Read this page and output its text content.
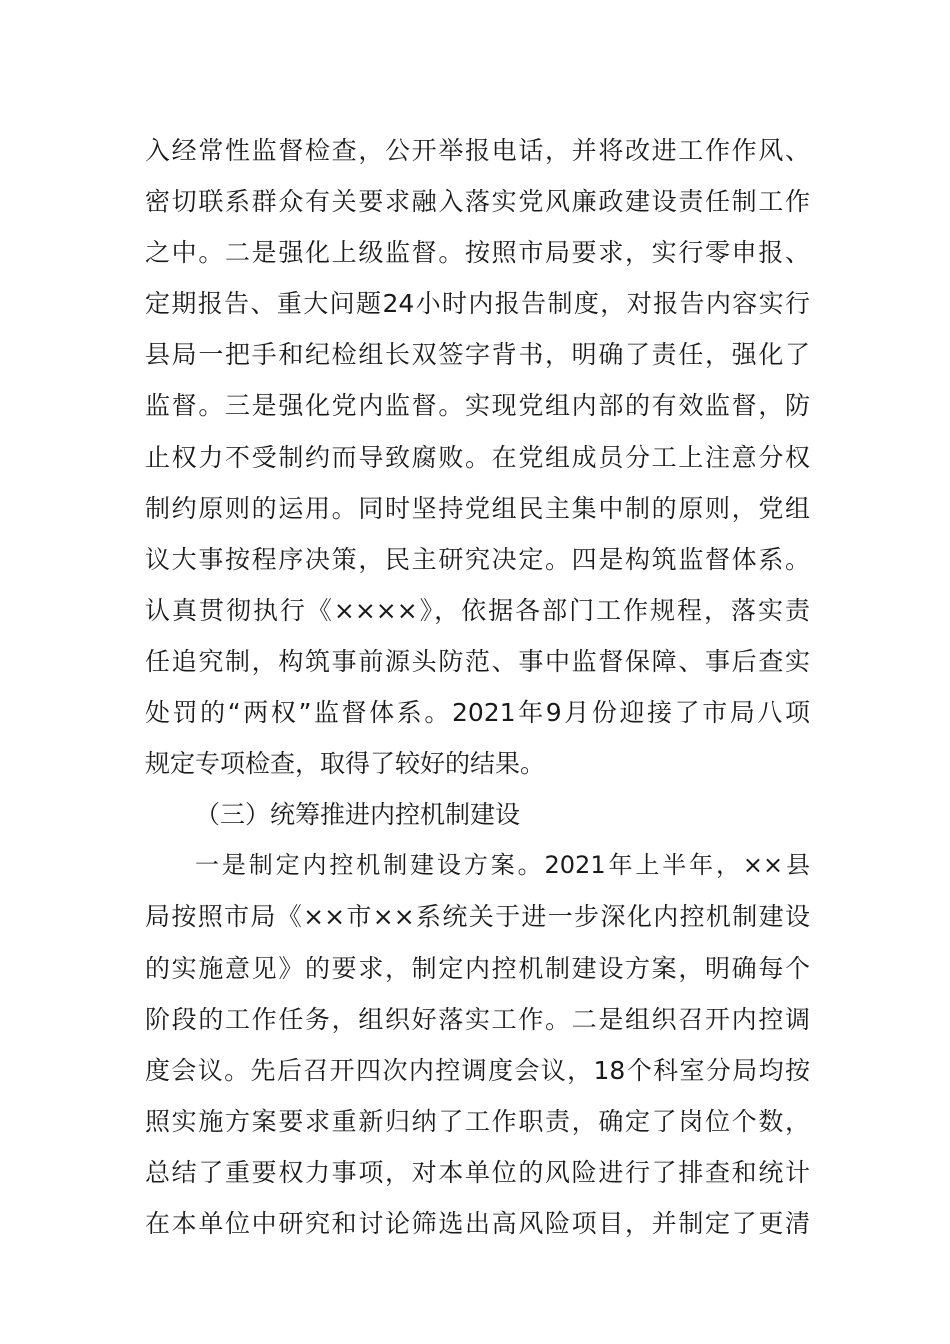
入经常性监督检查，公开举报电话，并将改进工作作风、
密切联系群众有关要求融入落实党风廉政建设责任制工作
之中。二是强化上级监督。按照市局要求，实行零申报、
定期报告、重大问题24小时内报告制度，对报告内容实行
县局一把手和纪检组长双签字背书，明确了责任，强化了
监督。三是强化党内监督。实现党组内部的有效监督，防
止权力不受制约而导致腐败。在党组成员分工上注意分权
制约原则的运用。同时坚持党组民主集中制的原则，党组
议大事按程序决策，民主研究决定。四是构筑监督体系。
认真贯彻执行《××××》，依据各部门工作规程，落实责
任追究制，构筑事前源头防范、事中监督保障、事后查实
处罚的“两权”监督体系。2021年9月份迎接了市局八项
规定专项检查，取得了较好的结果。
（三）统筹推进内控机制建设
一是制定内控机制建设方案。2021年上半年，××县
局按照市局《××市××系统关于进一步深化内控机制建设
的实施意见》的要求，制定内控机制建设方案，明确每个
阶段的工作任务，组织好落实工作。二是组织召开内控调
度会议。先后召开四次内控调度会议，18个科室分局均按
照实施方案要求重新归纳了工作职责，确定了岗位个数，
总结了重要权力事项，对本单位的风险进行了排查和统计
在本单位中研究和讨论筛选出高风险项目，并制定了更清
